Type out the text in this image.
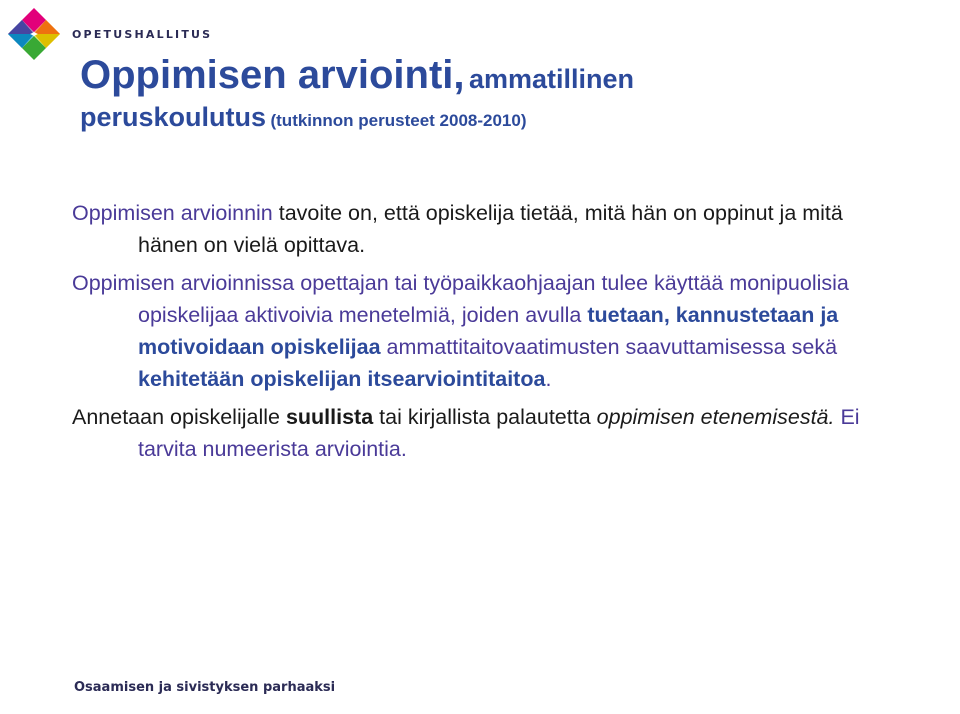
OPETUSHALLITUS
Oppimisen arviointi, ammatillinen
peruskoulutus (tutkinnon perusteet 2008-2010)
Oppimisen arvioinnin tavoite on, että opiskelija tietää, mitä hän on oppinut ja mitä hänen on vielä opittava.
Oppimisen arvioinnissa opettajan tai työpaikkaohjaajan tulee käyttää monipuolisia opiskelijaa aktivoivia menetelmiä, joiden avulla tuetaan, kannustetaan ja motivoidaan opiskelijaa ammattitaitovaatimusten saavuttamisessa sekä kehitetään opiskelijan itsearviointitaitoa.
Annetaan opiskelijalle suullista tai kirjallista palautetta oppimisen etenemisestä. Ei tarvita numeerista arviointia.
Osaamisen ja sivistyksen parhaaksi
